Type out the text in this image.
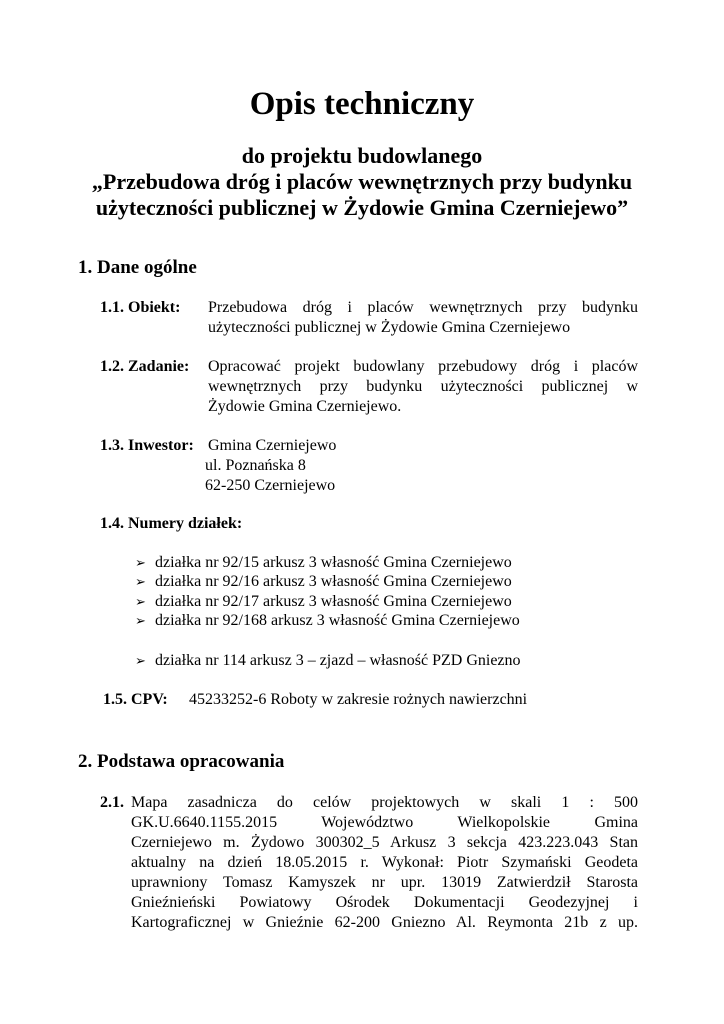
Opis techniczny
do projektu budowlanego
„Przebudowa dróg i placów wewnętrznych przy budynku
użyteczności publicznej w Żydowie Gmina Czerniejewo”
1. Dane ogólne
1.1. Obiekt: Przebudowa dróg i placów wewnętrznych przy budynku
użyteczności publicznej w Żydowie Gmina Czerniejewo
1.2. Zadanie: Opracować projekt budowlany przebudowy dróg i placów
wewnętrznych przy budynku użyteczności publicznej w
Żydowie Gmina Czerniejewo.
1.3. Inwestor: Gmina Czerniejewo
ul. Poznańska 8
62-250 Czerniejewo
1.4. Numery działek:
➢ działka nr 92/15 arkusz 3 własność Gmina Czerniejewo
➢ działka nr 92/16 arkusz 3 własność Gmina Czerniejewo
➢ działka nr 92/17 arkusz 3 własność Gmina Czerniejewo
➢ działka nr 92/168 arkusz 3 własność Gmina Czerniejewo
➢ działka nr 114 arkusz 3 – zjazd – własność PZD Gniezno
1.5. CPV: 45233252-6 Roboty w zakresie rożnych nawierzchni
2. Podstawa opracowania
2.1. Mapa zasadnicza do celów projektowych w skali 1 : 500
GK.U.6640.1155.2015 Województwo Wielkopolskie Gmina
Czerniejewo m. Żydowo 300302_5 Arkusz 3 sekcja 423.223.043 Stan
aktualny na dzień 18.05.2015 r. Wykonał: Piotr Szymański Geodeta
uprawniony Tomasz Kamyszek nr upr. 13019 Zatwierdził Starosta
Gnieźnieński Powiatowy Ośrodek Dokumentacji Geodezyjnej i
Kartograficznej w Gnieźnie 62-200 Gniezno Al. Reymonta 21b z up.
